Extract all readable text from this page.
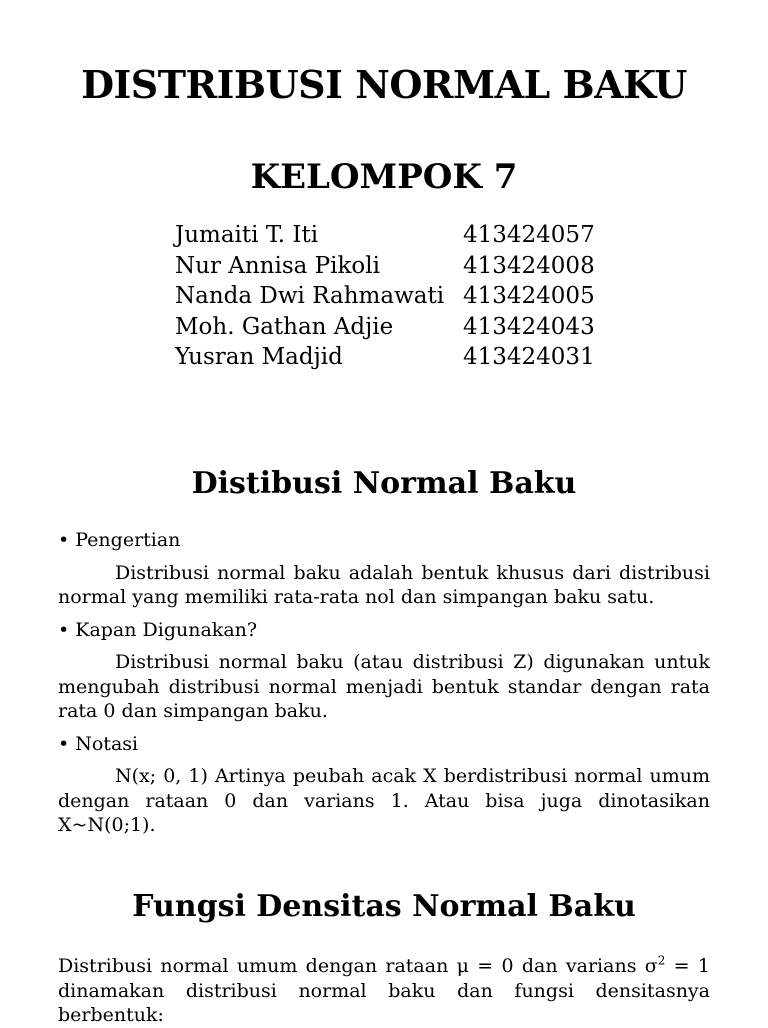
DISTRIBUSI NORMAL BAKU
KELOMPOK 7
Jumaiti T. Iti	413424057
Nur Annisa Pikoli	413424008
Nanda Dwi Rahmawati 413424005
Moh. Gathan Adjie	413424043
Yusran Madjid	413424031
Distibusi Normal Baku

• Pengertian

Distribusi normal baku adalah bentuk khusus dari distribusi normal yang memiliki rata-rata nol dan simpangan baku satu.

• Kapan Digunakan?

Distribusi normal baku (atau distribusi Z) digunakan untuk mengubah distribusi normal menjadi bentuk standar dengan rata rata 0 dan simpangan baku.

• Notasi

N(x; 0, 1) Artinya peubah acak X berdistribusi normal umum dengan rataan 0 dan varians 1. Atau bisa juga dinotasikan X~N(0;1).

Fungsi Densitas Normal Baku
Distribusi normal umum dengan rataan μ = 0 dan varians $\sigma^2 = 1$ dinamakan distribusi normal baku dan fungsi densitasnya berbentuk:
